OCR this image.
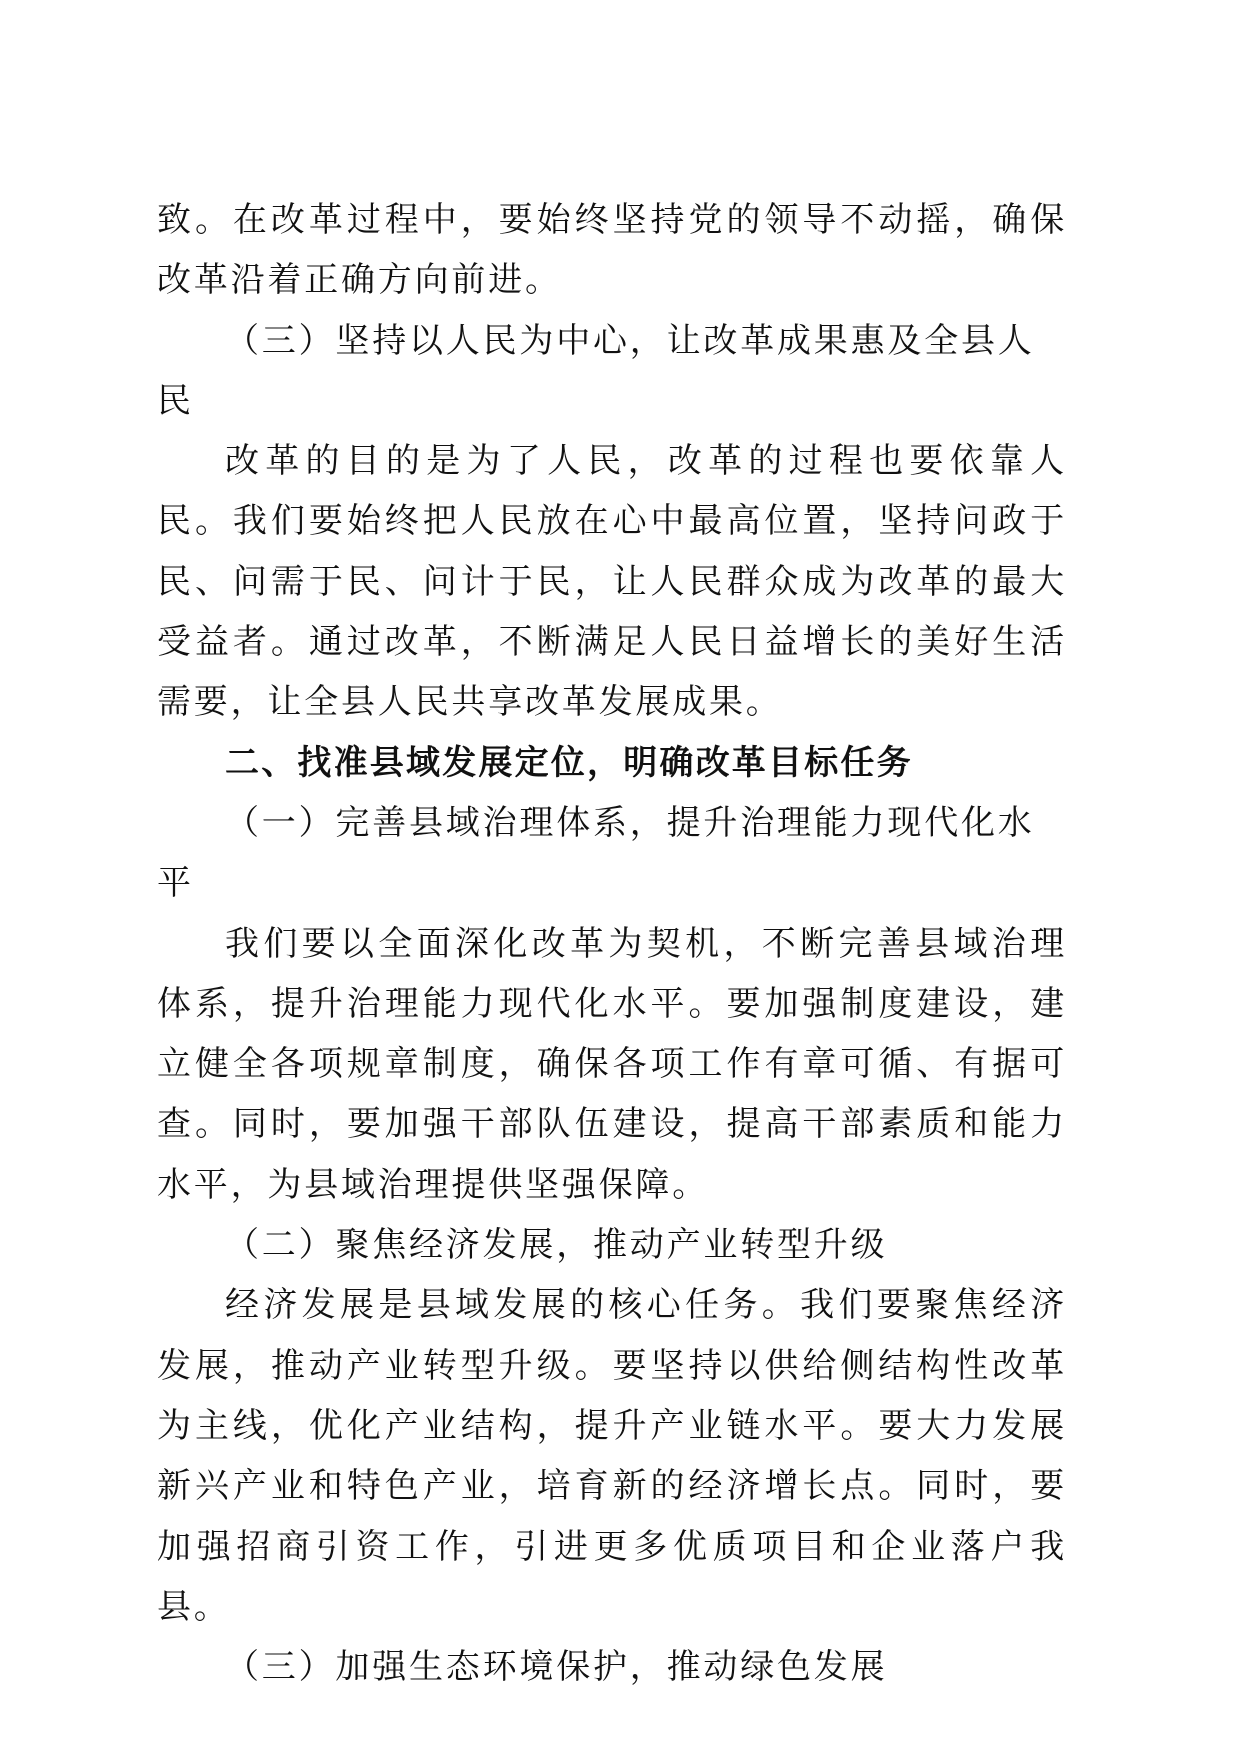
致。在改革过程中，要始终坚持党的领导不动摇，确保改革沿着正确方向前进。

（三）坚持以人民为中心，让改革成果惠及全县人民

改革的目的是为了人民，改革的过程也要依靠人民。我们要始终把人民放在心中最高位置，坚持问政于民、问需于民、问计于民，让人民群众成为改革的最大受益者。通过改革，不断满足人民日益增长的美好生活需要，让全县人民共享改革发展成果。

二、找准县域发展定位，明确改革目标任务

（一）完善县域治理体系，提升治理能力现代化水平

我们要以全面深化改革为契机，不断完善县域治理体系，提升治理能力现代化水平。要加强制度建设，建立健全各项规章制度，确保各项工作有章可循、有据可查。同时，要加强干部队伍建设，提高干部素质和能力水平，为县域治理提供坚强保障。

（二）聚焦经济发展，推动产业转型升级

经济发展是县域发展的核心任务。我们要聚焦经济发展，推动产业转型升级。要坚持以供给侧结构性改革为主线，优化产业结构，提升产业链水平。要大力发展新兴产业和特色产业，培育新的经济增长点。同时，要加强招商引资工作，引进更多优质项目和企业落户我县。

（三）加强生态环境保护，推动绿色发展
